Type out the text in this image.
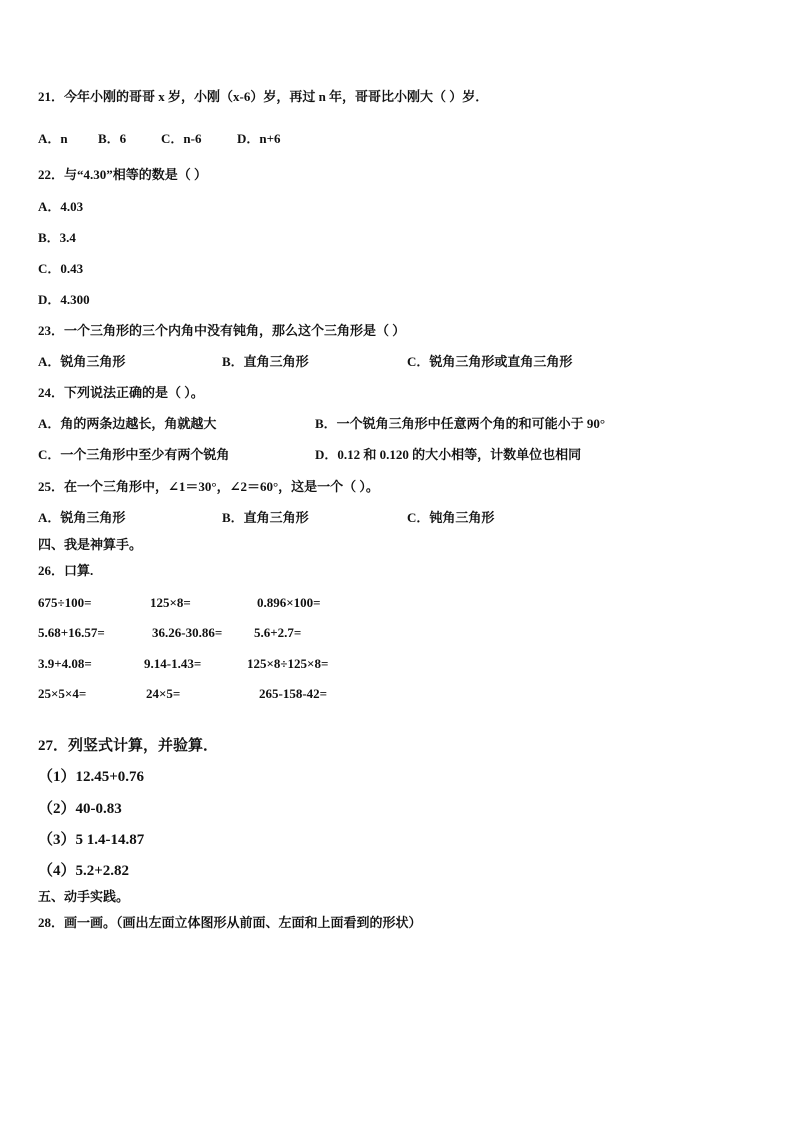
21．今年小刚的哥哥 x 岁，小刚（x-6）岁，再过 n 年，哥哥比小刚大（ ）岁．
A．n B．6	C．n-6	D．n+6
22．与“4.30”相等的数是（ ）
A．4.03
B．3.4
C．0.43
D．4.300
23．一个三角形的三个内角中没有钝角，那么这个三角形是（ ）
A．锐角三角形	B．直角三角形	C．锐角三角形或直角三角形
24．下列说法正确的是（ ）。
A．角的两条边越长，角就越大	B．一个锐角三角形中任意两个角的和可能小于 90°
C．一个三角形中至少有两个锐角	D．0.12 和 0.120 的大小相等，计数单位也相同
25．在一个三角形中，∠1＝30°，∠2＝60°，这是一个（ ）。
A．锐角三角形	B．直角三角形	C．钝角三角形
四、我是神算手。
26．口算.
675÷100=	125×8=	0.896×100=
5.68+16.57=	36.26-30.86= 5.6+2.7=
3.9+4.08=	9.14-1.43=	125×8÷125×8=
25×5×4=	24×5=	265-158-42=
27．列竖式计算，并验算．
（1）12.45+0.76
（2）40-0.83
（3）5 1.4-14.87
（4）5.2+2.82
五、动手实践。
28．画一画。（画出左面立体图形从前面、左面和上面看到的形状）
